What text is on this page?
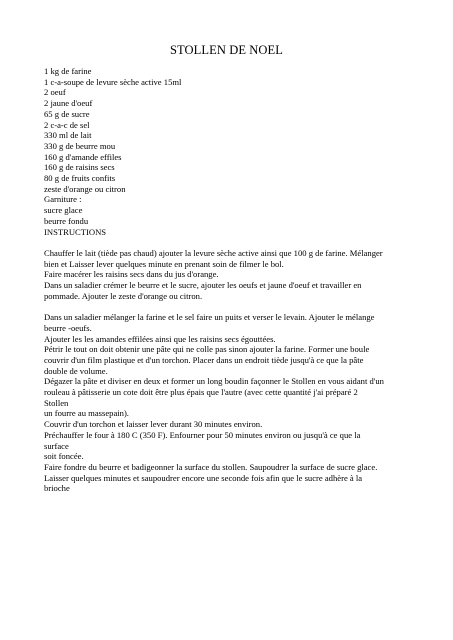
STOLLEN DE NOEL
1 kg de farine
1 c-a-soupe de levure sèche active 15ml
2 oeuf
2 jaune d'oeuf
65 g de sucre
2 c-a-c de sel
330 ml de lait
330 g de beurre mou
160 g d'amande effiles
160 g de raisins secs
80 g de fruits confits
zeste d'orange ou citron
Garniture :
sucre glace
beurre fondu
INSTRUCTIONS
Chauffer le lait (tiède pas chaud) ajouter la levure sèche active ainsi que 100 g de farine. Mélanger
bien et Laisser lever quelques minute en prenant soin de filmer le bol.
Faire macérer les raisins secs dans du jus d'orange.
Dans un saladier crémer le beurre et le sucre, ajouter les oeufs et jaune d'oeuf et travailler en
pommade. Ajouter le zeste d'orange ou citron.
Dans un saladier mélanger la farine et le sel faire un puits et verser le levain. Ajouter le mélange
beurre -oeufs.
Ajouter les les amandes effilées ainsi que les raisins secs égouttées.
Pétrir le tout on doit obtenir une pâte qui ne colle pas sinon ajouter la farine. Former une boule
couvrir d'un film plastique et d'un torchon. Placer dans un endroit tiède jusqu'à ce que la pâte
double de volume.
Dégazer la pâte et diviser en deux et former un long boudin façonner le Stollen en vous aidant d'un
rouleau à pâtisserie un cote doit être plus épais que l'autre (avec cette quantité j'ai préparé 2 Stollen
un fourre au massepain).
Couvrir d'un torchon et laisser lever durant 30 minutes environ.
Préchauffer le four à 180 C (350 F). Enfourner pour 50 minutes environ ou jusqu'à ce que la surface
soit foncée.
Faire fondre du beurre et badigeonner la surface du stollen. Saupoudrer la surface de sucre glace.
Laisser quelques minutes et saupoudrer encore une seconde fois afin que le sucre adhère à la
brioche
